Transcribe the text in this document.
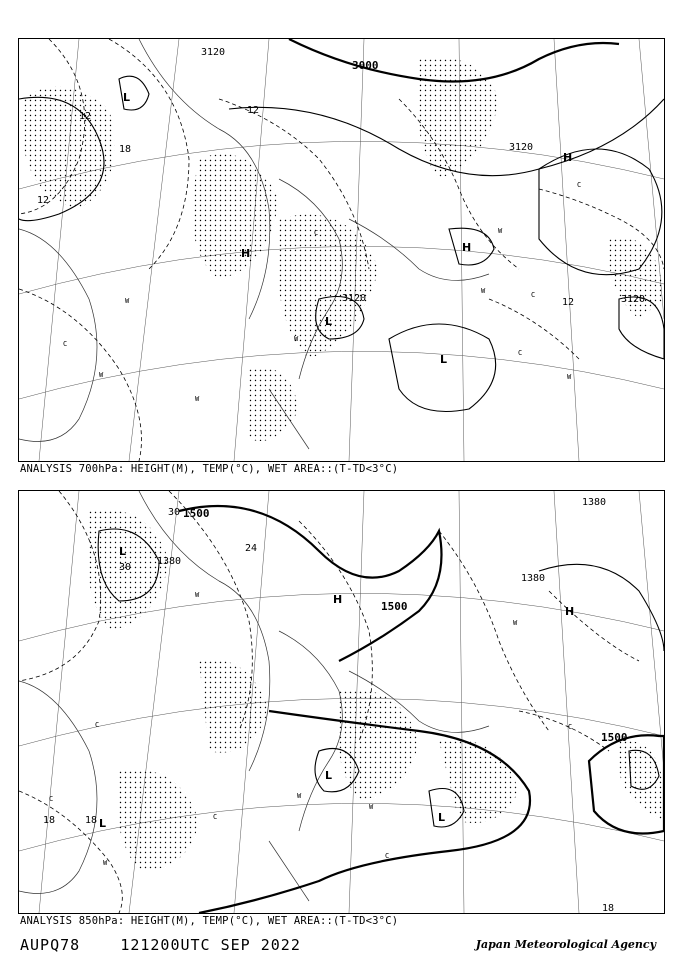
3000
3120
3120
3120	3120
12
12
12
12
18
L
L
L
H
H	H
C
C
C
C
C
W
W
W
W
W
W
W
ANALYSIS 700hPa: HEIGHT(M), TEMP(°C), WET AREA::(T-TD<3°C)
1500
1500
1500
1380
1380
1380
30
30
24
18	18
18
L
L
L
L
H
H
C
C
C
C
C
W
W
W
W
W
ANALYSIS 850hPa: HEIGHT(M), TEMP(°C), WET AREA::(T-TD<3°C)
AUPQ78	121200UTC SEP 2022	Japan Meteorological Agency
